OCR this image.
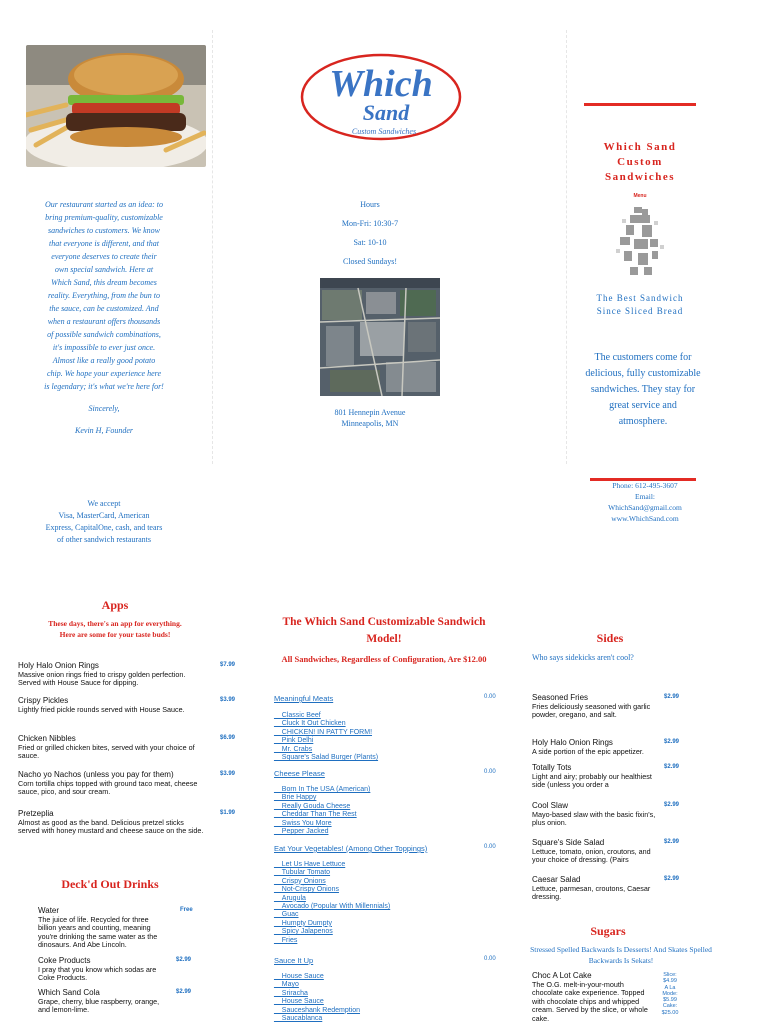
Our restaurant started as an idea: to bring premium-quality, customizable sandwiches to customers. We know that everyone is different, and that everyone deserves to create their own special sandwich. Here at Which Sand, this dream becomes reality. Everything, from the bun to the sauce, can be customized. And when a restaurant offers thousands of possible sandwich combinations, it's impossible to ever just once. Almost like a really good potato chip. We hope your experience here is legendary; it's what we're here for!

Sincerely,

Kevin H, Founder

We accept
Visa, MasterCard, American Express, CapitalOne, cash, and tears of other sandwich restaurants
Which
Sand
Custom Sandwiches
Hours
Mon-Fri: 10:30-7
Sat: 10-10
Closed Sundays!
801 Hennepin Avenue
Minneapolis, MN
Which Sand Custom Sandwiches
Menu
The Best Sandwich Since Sliced Bread
The customers come for delicious, fully customizable sandwiches. They stay for great service and atmosphere.
Phone: 612-495-3607
Email:
WhichSand@gmail.com
www.WhichSand.com
Apps
These days, there's an app for everything. Here are some for your taste buds!
Holy Halo Onion Rings
Massive onion rings fried to crispy golden perfection. Served with House Sauce for dipping.
$7.99
Crispy Pickles
Lightly fried pickle rounds served with House Sauce.
$3.99
Chicken Nibbles
Fried or grilled chicken bites, served with your choice of sauce.
$6.99
Nacho yo Nachos (unless you pay for them)
Corn tortilla chips topped with ground taco meat, cheese sauce, pico, and sour cream.
$3.99
Pretzeplia
Almost as good as the band. Delicious pretzel sticks served with honey mustard and cheese sauce on the side.
$1.99
Deck'd Out Drinks
Water
The juice of life. Recycled for three billion years and counting, meaning you're drinking the same water as the dinosaurs. And Abe Lincoln.
Free
Coke Products
I pray that you know which sodas are Coke Products.
$2.99
Which Sand Cola
Grape, cherry, blue raspberry, orange, and lemon-lime.
$2.99
The Which Sand Customizable Sandwich Model!
All Sandwiches, Regardless of Configuration, Are $12.00
Meaningful Meats	0.00
__Classic Beef
__Cluck It Out Chicken
__CHICKEN! IN PATTY FORM!
__Pink Delhi
__Mr. Crabs
__Square's Salad Burger (Plants)
Cheese Please	0.00
__Born In The USA (American)
__Brie Happy
__Really Gouda Cheese
__Cheddar Than The Rest
__Swiss You More
__Pepper Jacked
Eat Your Vegetables! (Among Other Toppings)	0.00
__Let Us Have Lettuce
__Tubular Tomato
__Crispy Onions
__Not-Crispy Onions
__Arugula
__Avocado (Popular With Millennials)
__Guac
__Humpty Dumpty
__Spicy Jalapenos
__Fries
Sauce It Up	0.00
__House Sauce
__Mayo
__Sriracha
__House Sauce
__Sauceshank Redemption
__Saucablanca
Sides
Who says sidekicks aren't cool?
Seasoned Fries
Fries deliciously seasoned with garlic powder, oregano, and salt.
$2.99
Holy Halo Onion Rings
A side portion of the epic appetizer.
$2.99
Totally Tots
Light and airy; probably our healthiest side (unless you order a
$2.99
Cool Slaw
Mayo-based slaw with the basic fixin's, plus onion.
$2.99
Square's Side Salad
Lettuce, tomato, onion, croutons, and your choice of dressing. (Pairs
$2.99
Caesar Salad
Lettuce, parmesan, croutons, Caesar dressing.
$2.99
Sugars
Stressed Spelled Backwards Is Desserts! And Skates Spelled Backwards Is Sekats!
Choc A Lot Cake
The O.G. melt-in-your-mouth chocolate cake experience. Topped with chocolate chips and whipped cream. Served by the slice, or whole cake.
Slice:
$4.99
A La
Mode:
$5.99
Cake:
$25.00
